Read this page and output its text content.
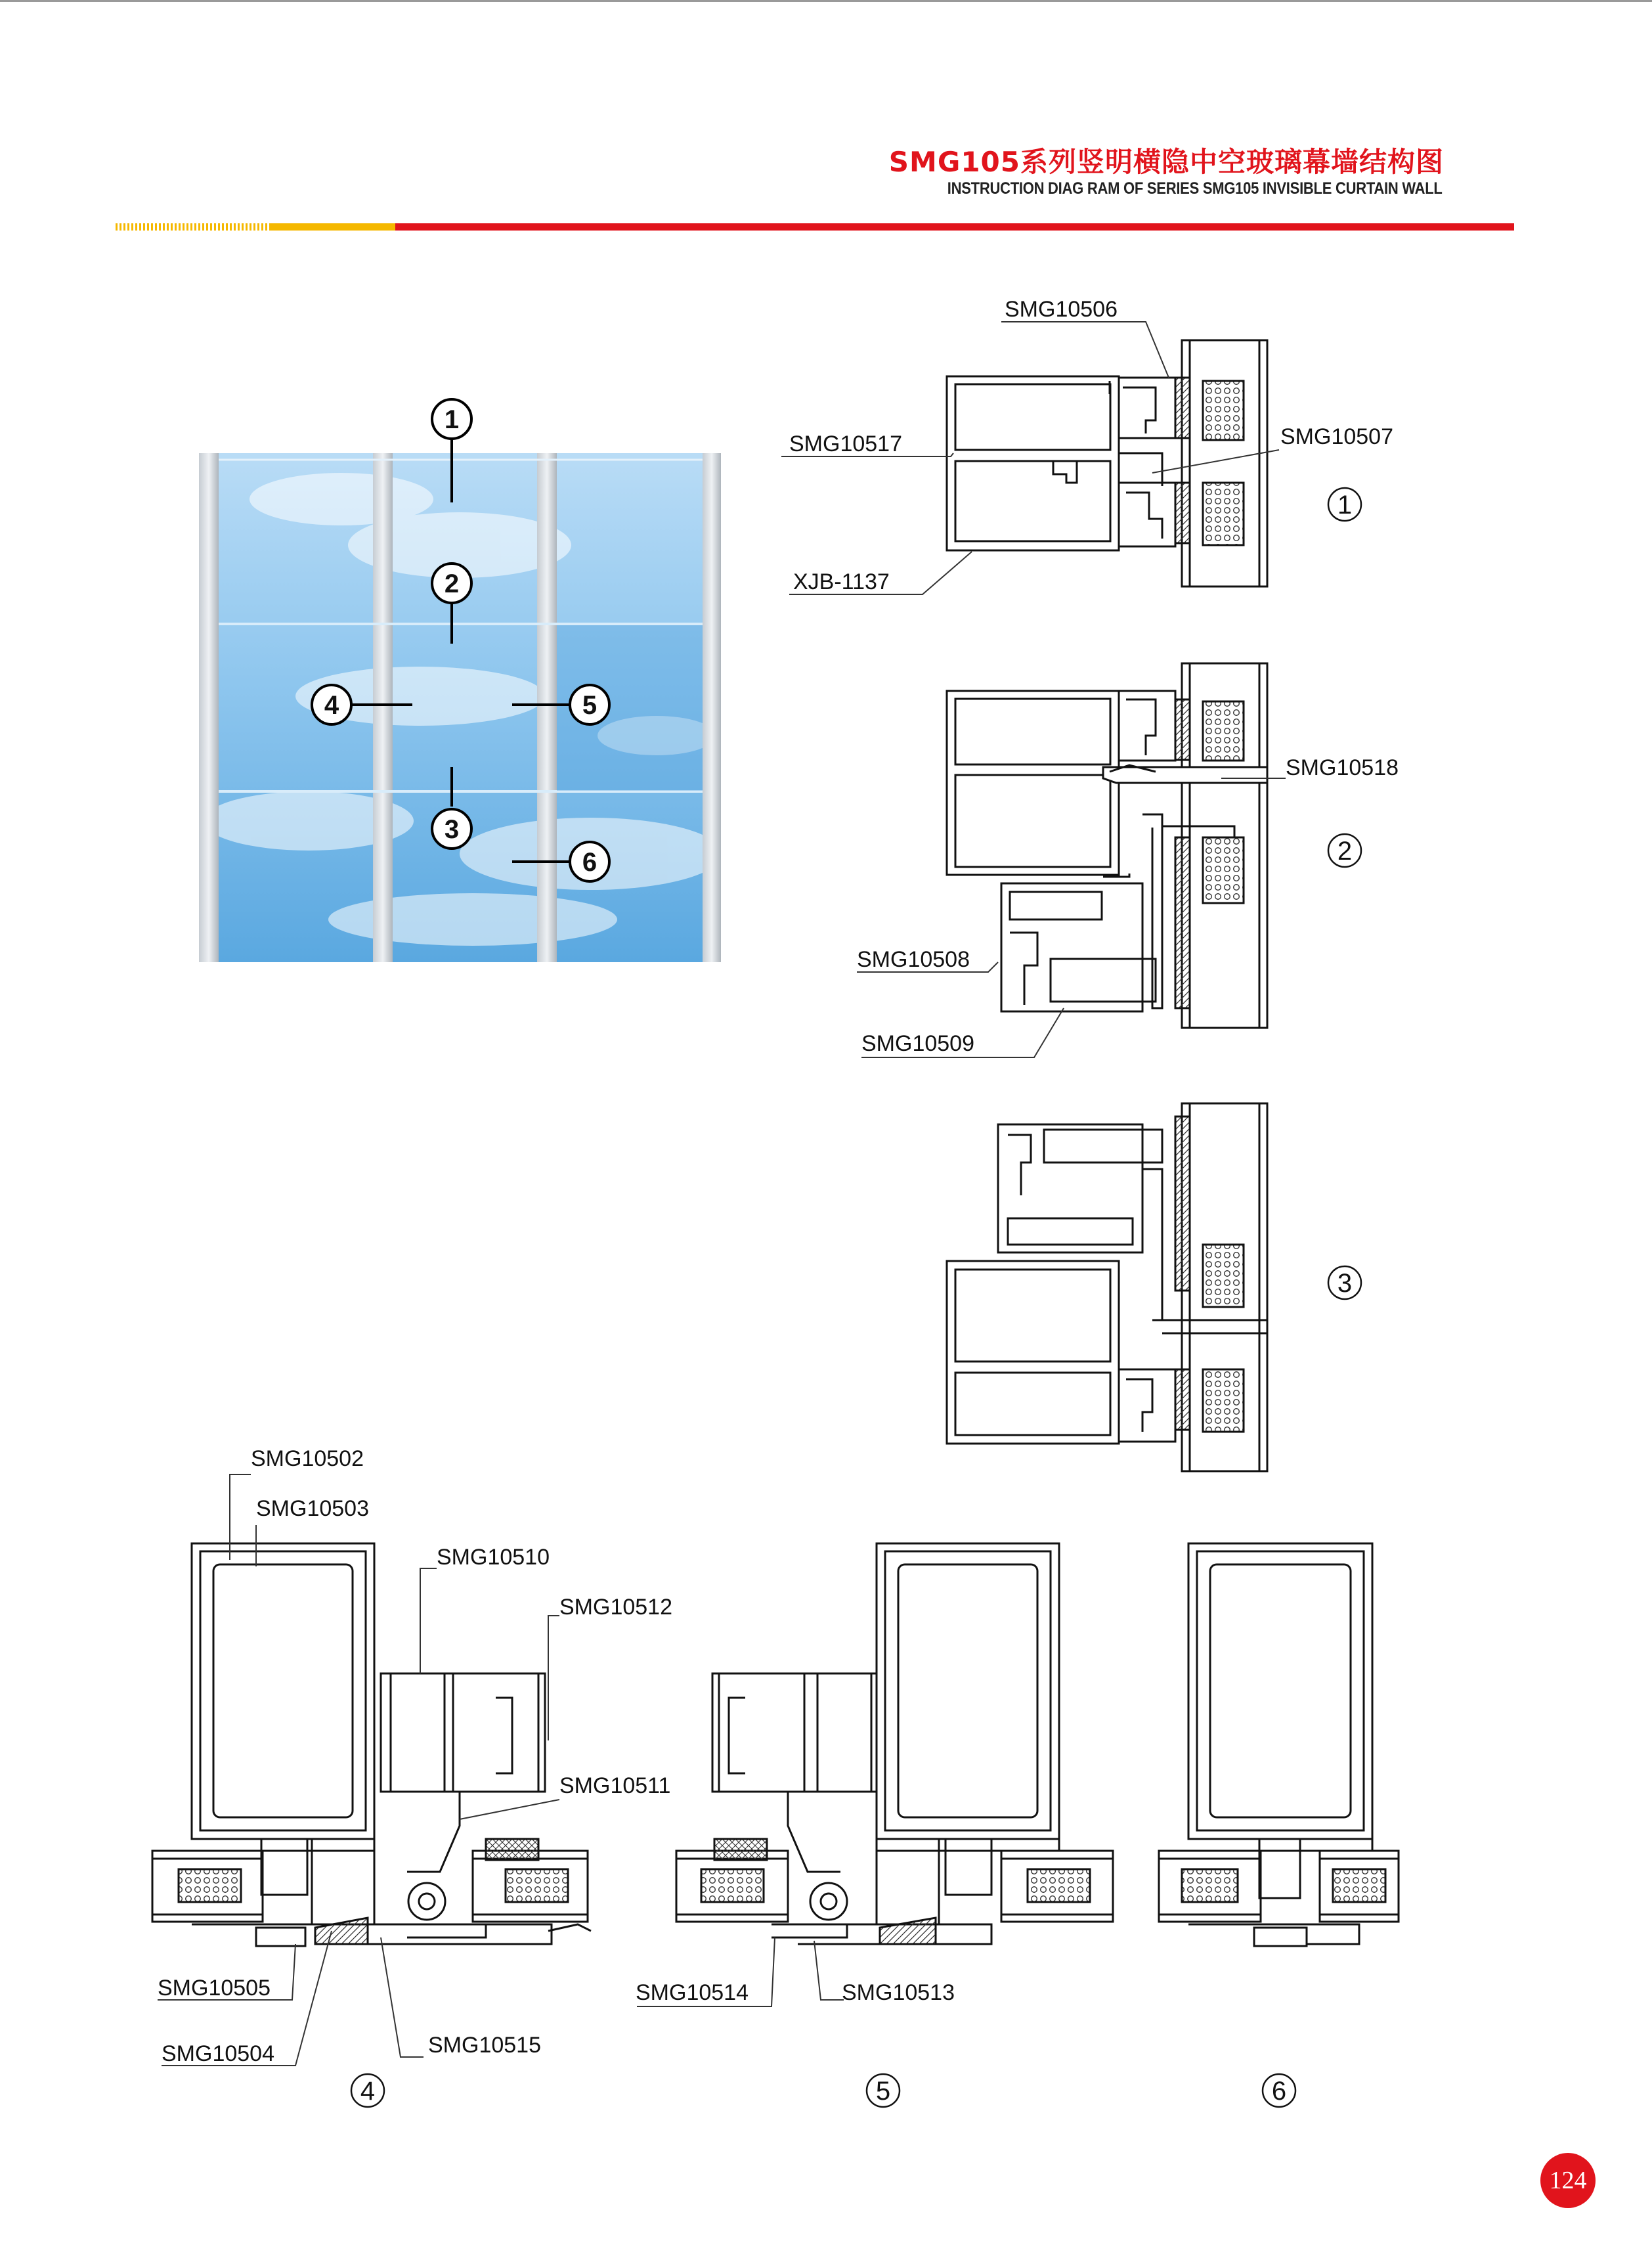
SMG105系列竖明横隐中空玻璃幕墙结构图
INSTRUCTION DIAG RAM OF SERIES SMG105 INVISIBLE CURTAIN WALL
1
2
3
4	5
6
SMG10506
SMG10517	SMG10507
XJB-1137
1
SMG10518
SMG10508
SMG10509
2
3
SMG10502
SMG10503
SMG10510
SMG10512
SMG10511
SMG10505
SMG10504	SMG10515
4
SMG10514	SMG10513
5	6
124
